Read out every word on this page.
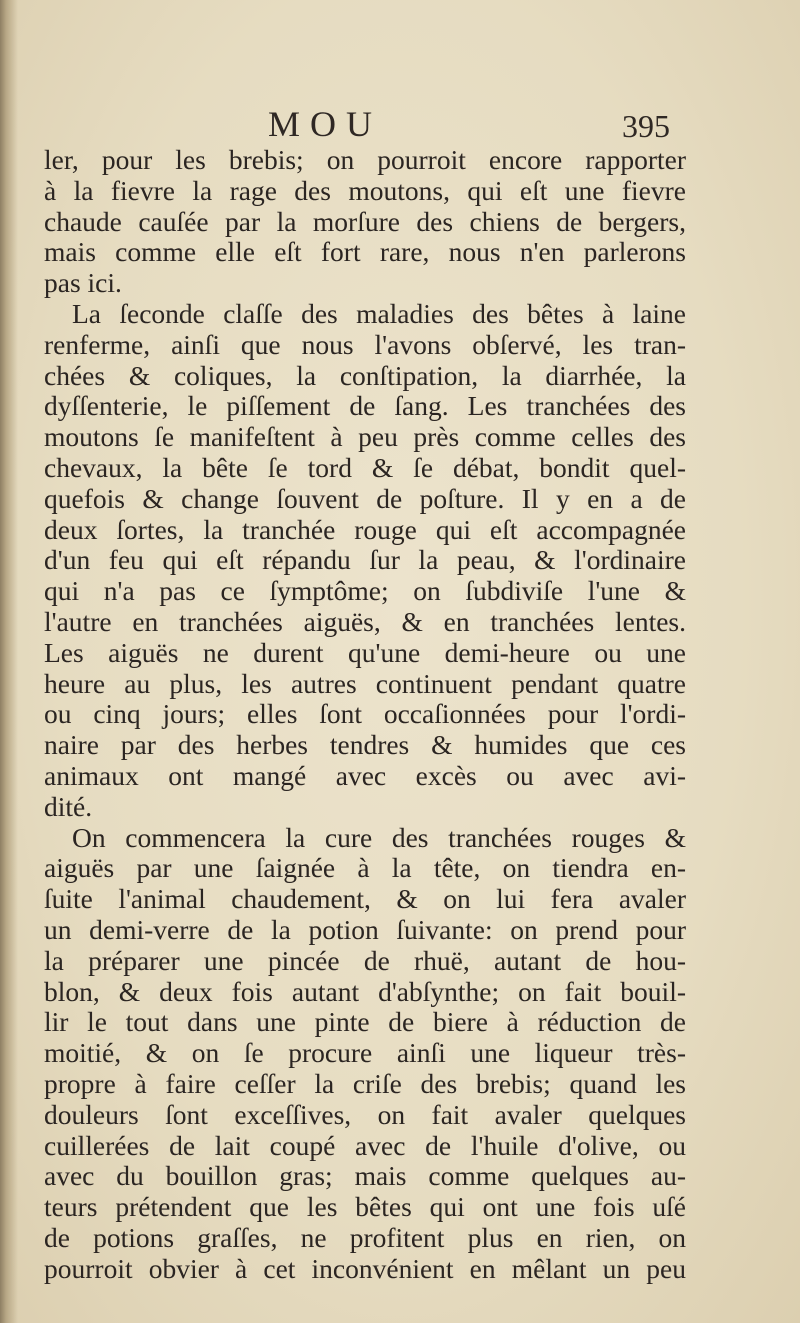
MOU	395
ler, pour les brebis; on pourroit encore rapporter
à la fievre la rage des moutons, qui eſt une fievre
chaude cauſée par la morſure des chiens de bergers,
mais comme elle eſt fort rare, nous n'en parlerons
pas ici.
La ſeconde claſſe des maladies des bêtes à laine
renferme, ainſi que nous l'avons obſervé, les tran-
chées & coliques, la conſtipation, la diarrhée, la
dyſſenterie, le piſſement de ſang. Les tranchées des
moutons ſe manifeſtent à peu près comme celles des
chevaux, la bête ſe tord & ſe débat, bondit quel-
quefois & change ſouvent de poſture. Il y en a de
deux ſortes, la tranchée rouge qui eſt accompagnée
d'un feu qui eſt répandu ſur la peau, & l'ordinaire
qui n'a pas ce ſymptôme; on ſubdiviſe l'une &
l'autre en tranchées aiguës, & en tranchées lentes.
Les aiguës ne durent qu'une demi-heure ou une
heure au plus, les autres continuent pendant quatre
ou cinq jours; elles ſont occaſionnées pour l'ordi-
naire par des herbes tendres & humides que ces
animaux ont mangé avec excès ou avec avi-
dité.
On commencera la cure des tranchées rouges &
aiguës par une ſaignée à la tête, on tiendra en-
ſuite l'animal chaudement, & on lui fera avaler
un demi-verre de la potion ſuivante: on prend pour
la préparer une pincée de rhuë, autant de hou-
blon, & deux fois autant d'abſynthe; on fait bouil-
lir le tout dans une pinte de biere à réduction de
moitié, & on ſe procure ainſi une liqueur très-
propre à faire ceſſer la criſe des brebis; quand les
douleurs ſont exceſſives, on fait avaler quelques
cuillerées de lait coupé avec de l'huile d'olive, ou
avec du bouillon gras; mais comme quelques au-
teurs prétendent que les bêtes qui ont une fois uſé
de potions graſſes, ne profitent plus en rien, on
pourroit obvier à cet inconvénient en mêlant un peu
